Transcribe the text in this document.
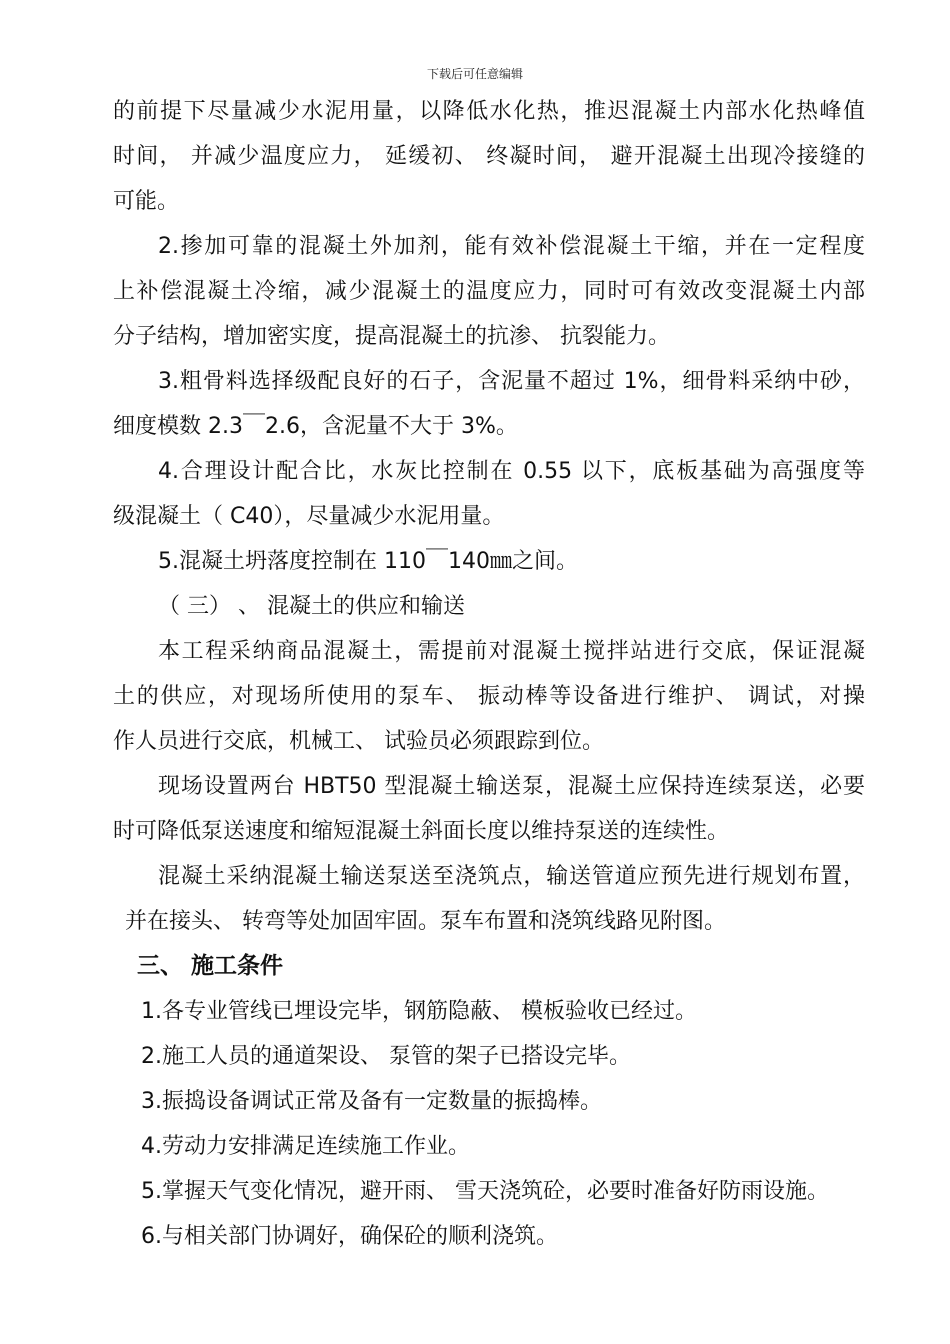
下载后可任意编辑
的前提下尽量减少水泥用量，以降低水化热，推迟混凝土内部水化热峰值
时间， 并减少温度应力， 延缓初、 终凝时间， 避开混凝土出现冷接缝的
可能。
2.掺加可靠的混凝土外加剂，能有效补偿混凝土干缩，并在一定程度
上补偿混凝土冷缩，减少混凝土的温度应力，同时可有效改变混凝土内部
分子结构，增加密实度，提高混凝土的抗渗、 抗裂能力。
3.粗骨料选择级配良好的石子，含泥量不超过 1%，细骨料采纳中砂，
细度模数 2.3￣2.6，含泥量不大于 3%。
4.合理设计配合比，水灰比控制在 0.55 以下，底板基础为高强度等
级混凝土（ C40），尽量减少水泥用量。
5.混凝土坍落度控制在 110￣140㎜之间。
（ 三） 、 混凝土的供应和输送
本工程采纳商品混凝土，需提前对混凝土搅拌站进行交底，保证混凝
土的供应，对现场所使用的泵车、 振动棒等设备进行维护、 调试，对操
作人员进行交底，机械工、 试验员必须跟踪到位。
现场设置两台 HBT50 型混凝土输送泵，混凝土应保持连续泵送，必要
时可降低泵送速度和缩短混凝土斜面长度以维持泵送的连续性。
混凝土采纳混凝土输送泵送至浇筑点，输送管道应预先进行规划布置，
并在接头、 转弯等处加固牢固。泵车布置和浇筑线路见附图。
三、 施工条件
1.各专业管线已埋设完毕，钢筋隐蔽、 模板验收已经过。
2.施工人员的通道架设、 泵管的架子已搭设完毕。
3.振捣设备调试正常及备有一定数量的振捣棒。
4.劳动力安排满足连续施工作业。
5.掌握天气变化情况，避开雨、 雪天浇筑砼，必要时准备好防雨设施。
6.与相关部门协调好，确保砼的顺利浇筑。
